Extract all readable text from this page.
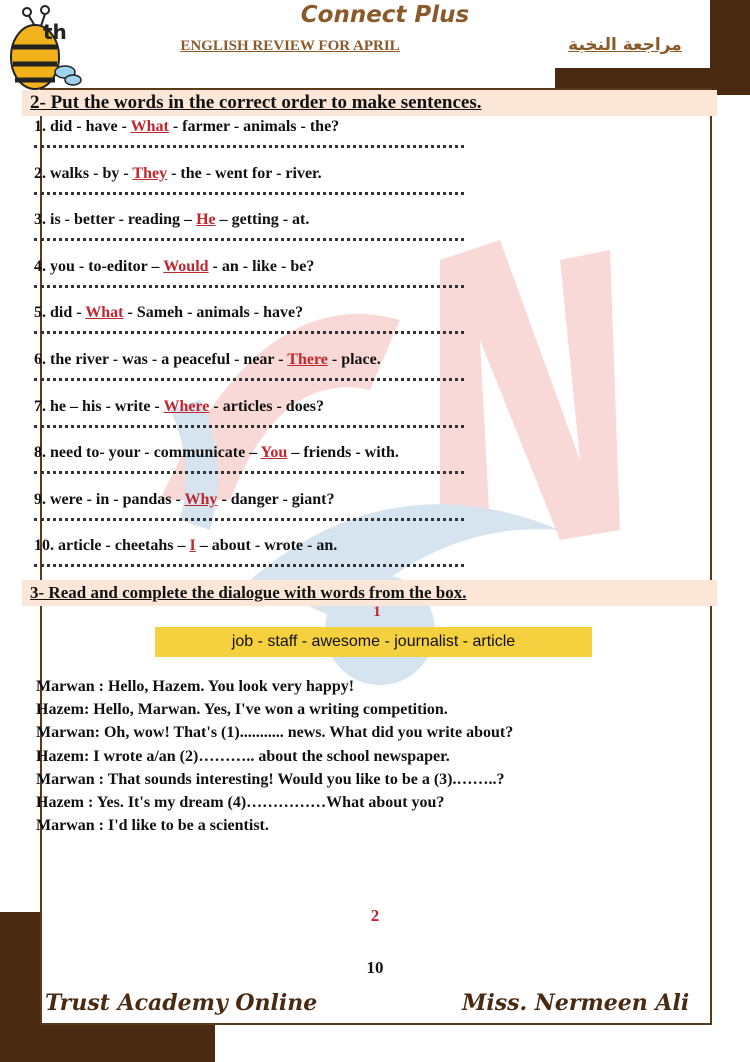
th
Connect Plus
ENGLISH REVIEW FOR APRIL	مراجعة النخبة
2- Put the words in the correct order to make sentences.
1. did - have - What - farmer - animals - the?
2. walks - by - They - the - went for - river.
3. is - better - reading – He – getting - at.
4. you - to-editor – Would - an - like - be?
5. did - What - Sameh - animals - have?
6. the river - was - a peaceful - near - There - place.
7. he – his - write - Where - articles - does?
8. need to- your - communicate – You – friends - with.
9. were - in - pandas - Why - danger - giant?
10. article - cheetahs – I – about - wrote - an.
3- Read and complete the dialogue with words from the box.
1
job - staff - awesome - journalist - article
Marwan : Hello, Hazem. You look very happy!
Hazem: Hello, Marwan. Yes, I've won a writing competition.
Marwan: Oh, wow! That's (1)........... news. What did you write about?
Hazem: I wrote a/an (2)……….. about the school newspaper.
Marwan : That sounds interesting! Would you like to be a (3).……..?
Hazem : Yes. It's my dream (4)……………What about you?
Marwan : I'd like to be a scientist.
2
10
Trust Academy Online	Miss. Nermeen Ali
